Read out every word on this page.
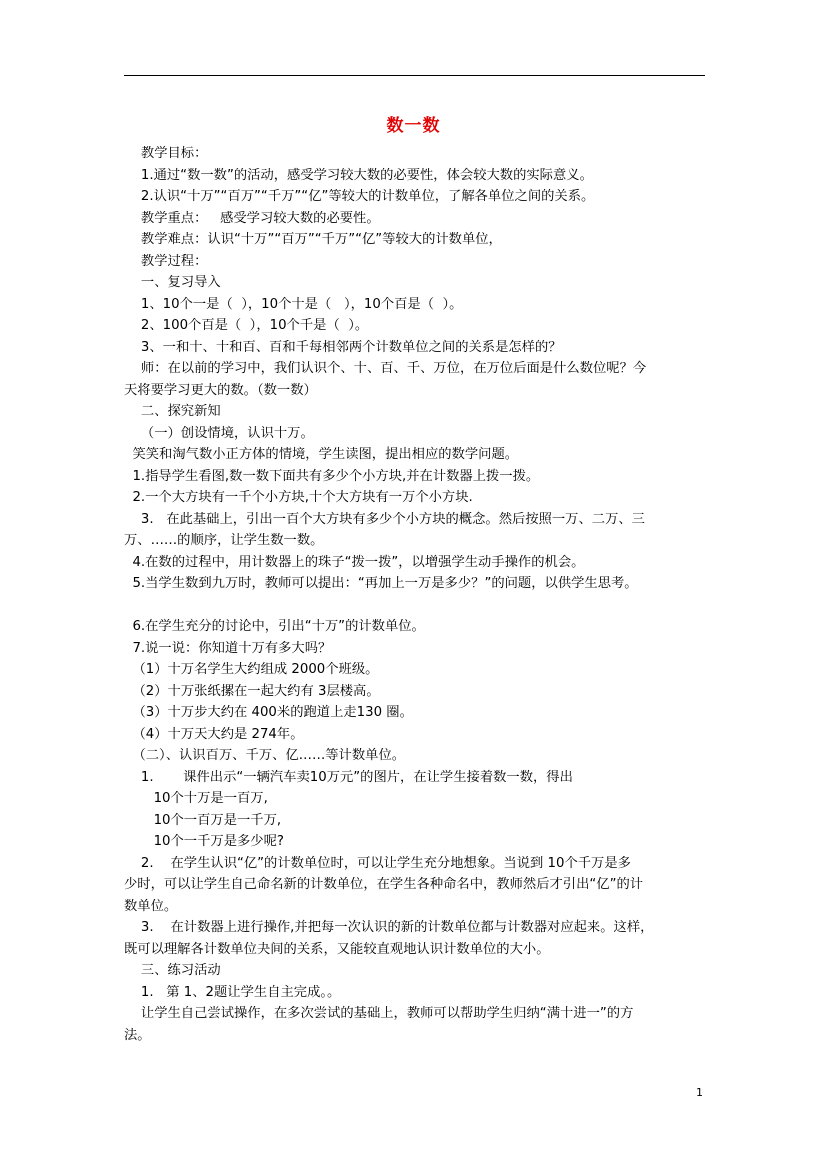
数一数
教学目标：
1.通过“数一数”的活动，感受学习较大数的必要性，体会较大数的实际意义。
2.认识“十万”“百万”“千万”“亿”等较大的计数单位，了解各单位之间的关系。
教学重点：   感受学习较大数的必要性。
教学难点：认识“十万”“百万”“千万”“亿”等较大的计数单位，
教学过程：
一、复习导入
1、10个一是（  ），10个十是（   ），10个百是（  ）。
2、100个百是（  ），10个千是（  ）。
3、一和十、十和百、百和千每相邻两个计数单位之间的关系是怎样的？
师：在以前的学习中，我们认识个、十、百、千、万位，在万位后面是什么数位呢？今
天将要学习更大的数。（数一数）
二、探究新知
（一）创设情境，认识十万。
笑笑和淘气数小正方体的情境，学生读图，提出相应的数学问题。
1.指导学生看图,数一数下面共有多少个小方块,并在计数器上拨一拨。
2.一个大方块有一千个小方块,十个大方块有一万个小方块.
3.   在此基础上，引出一百个大方块有多少个小方块的概念。然后按照一万、二万、三
万、……的顺序，让学生数一数。
4.在数的过程中，用计数器上的珠子“拨一拨”，以增强学生动手操作的机会。
5.当学生数到九万时，教师可以提出：“再加上一万是多少？”的问题，以供学生思考。
6.在学生充分的讨论中，引出“十万”的计数单位。
7.说一说：你知道十万有多大吗？
（1）十万名学生大约组成 2000个班级。
（2）十万张纸摞在一起大约有 3层楼高。
（3）十万步大约在 400米的跑道上走130 圈。
（4）十万天大约是 274年。
（二）、认识百万、千万、亿……等计数单位。
1.       课件出示“一辆汽车卖10万元”的图片，在让学生接着数一数，得出
10个十万是一百万,
10个一百万是一千万,
10个一千万是多少呢?
2.    在学生认识“亿”的计数单位时，可以让学生充分地想象。当说到 10个千万是多
少时，可以让学生自己命名新的计数单位，在学生各种命名中，教师然后才引出“亿”的计
数单位。
3.    在计数器上进行操作,并把每一次认识的新的计数单位都与计数器对应起来。这样，
既可以理解各计数单位夬间的关系，又能较直观地认识计数单位的大小。
三、练习活动
1.   第 1、2题让学生自主完成。。
让学生自己尝试操作，在多次尝试的基础上，教师可以帮助学生归纳“满十进一”的方
法。
1
